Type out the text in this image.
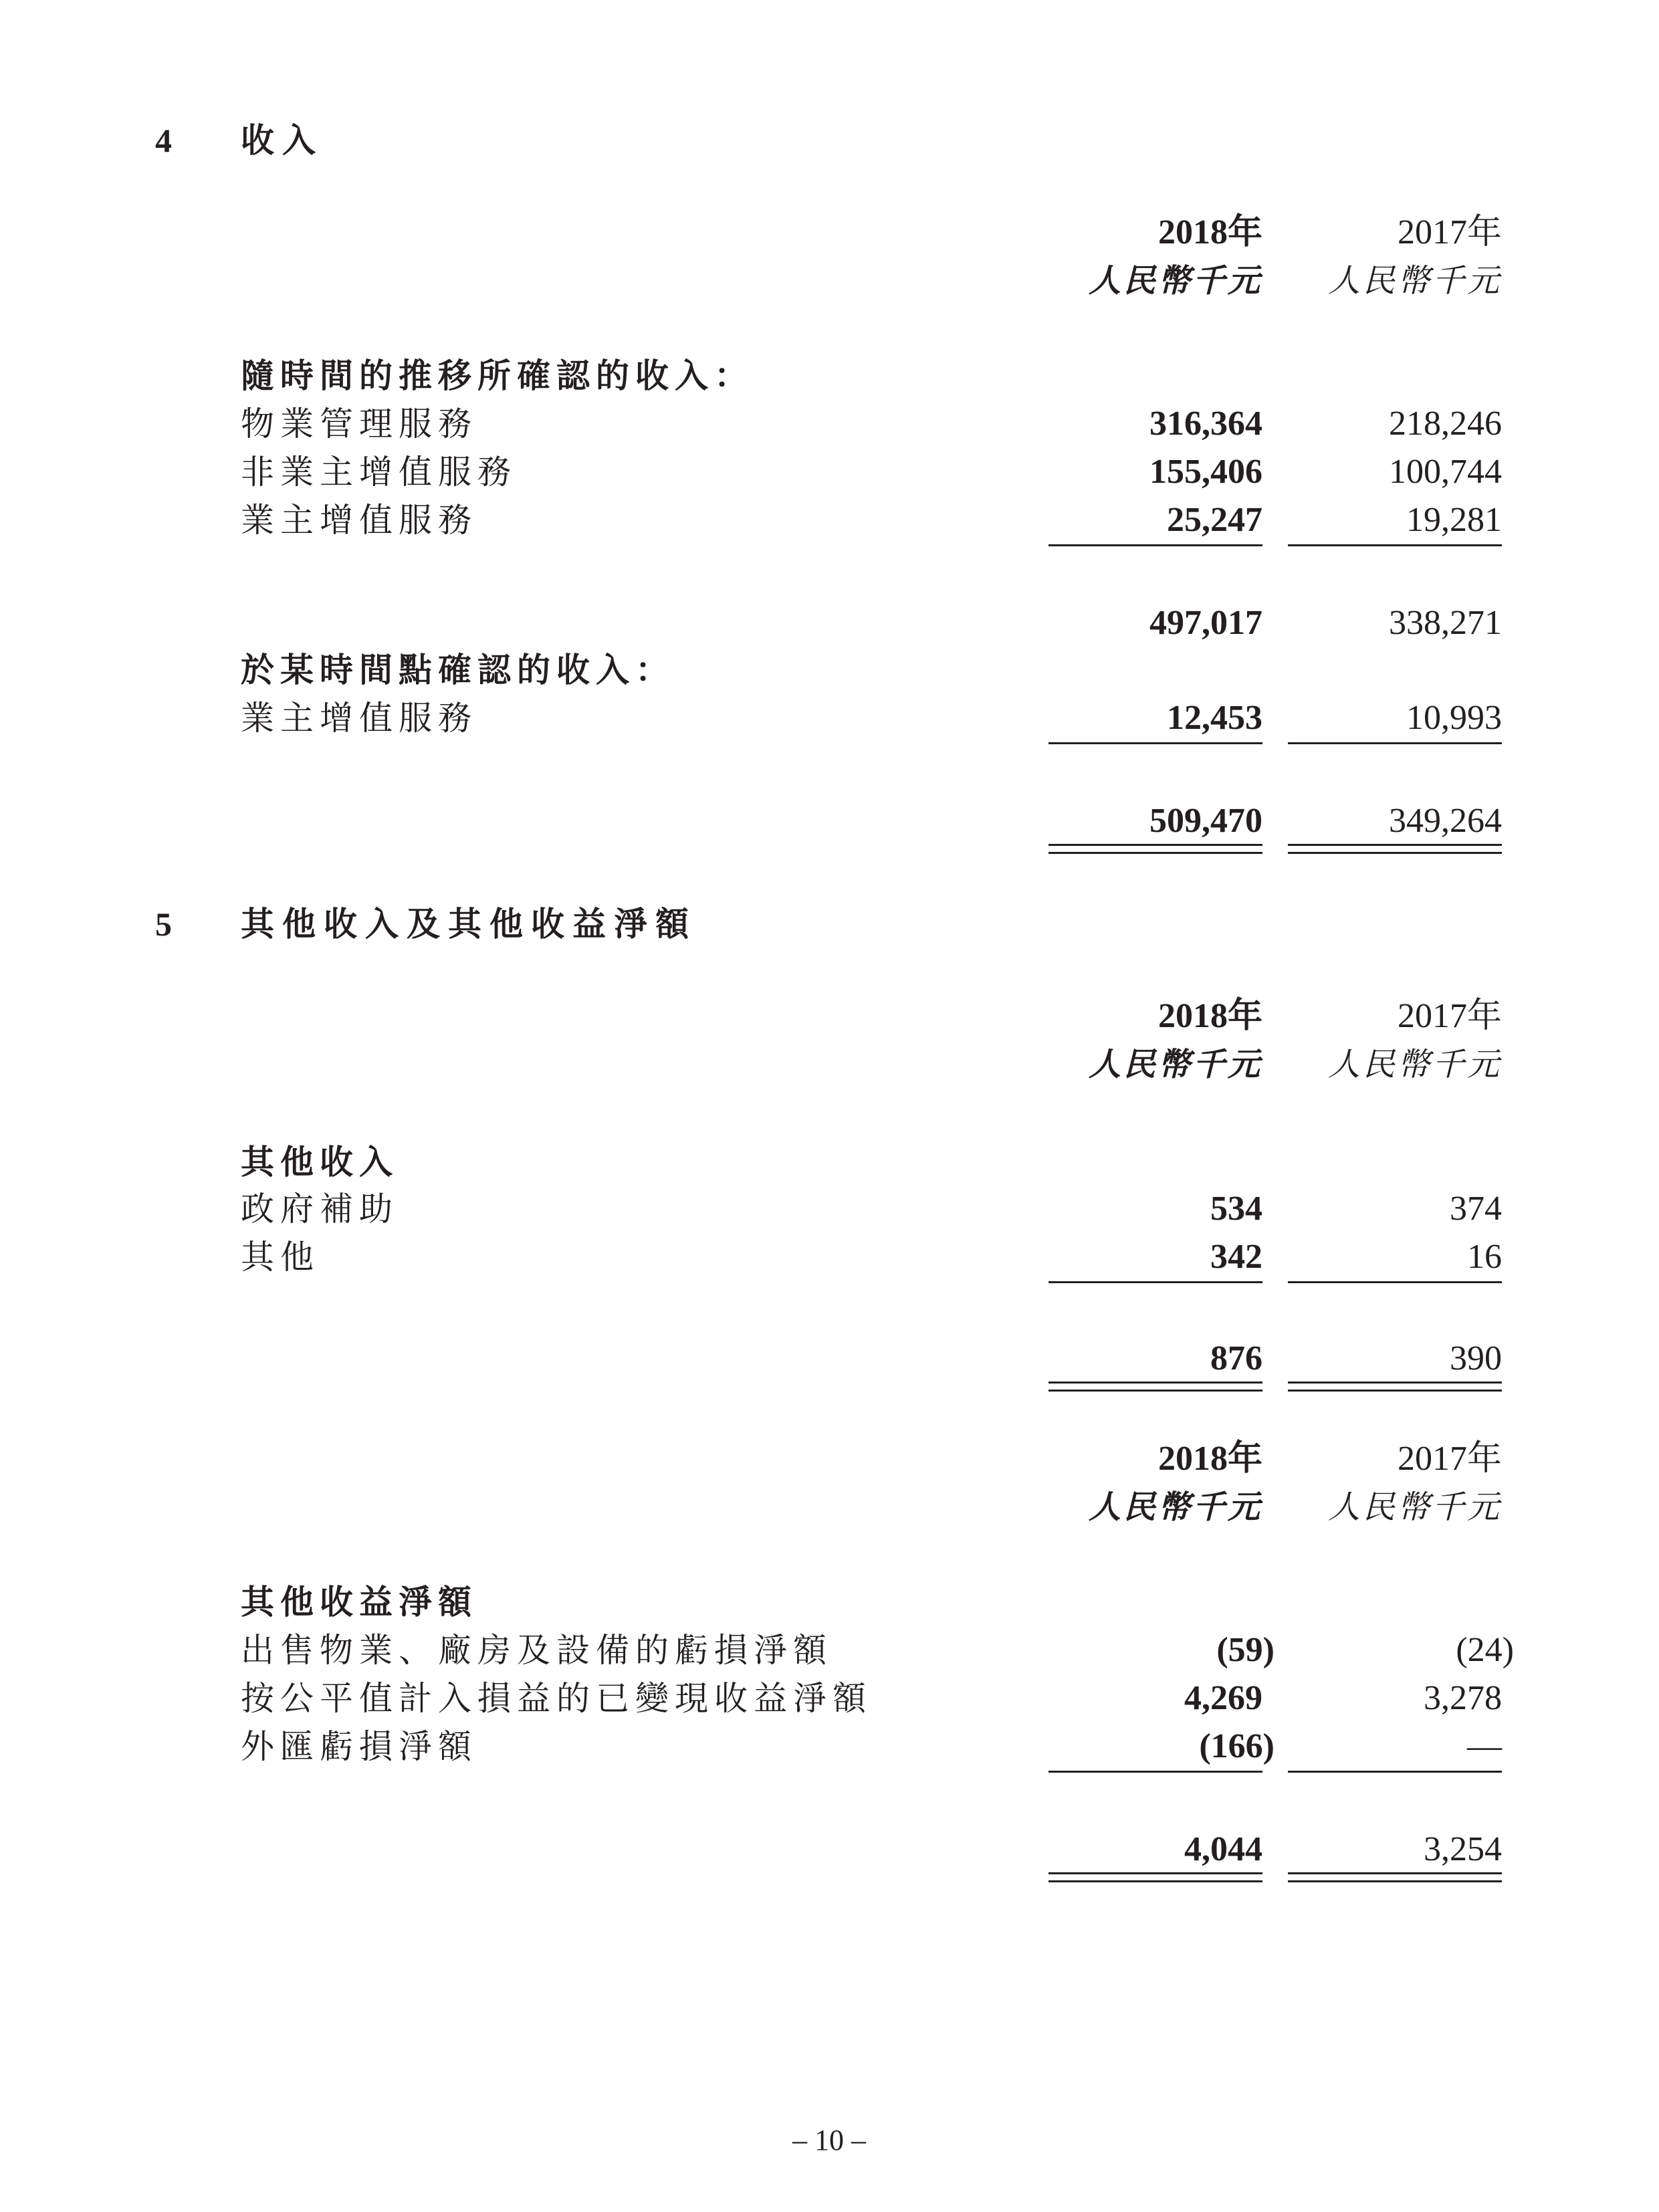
4 收入
2018年	2017年
人民幣千元	人民幣千元
隨時間的推移所確認的收入：
物業管理服務	316,364	218,246
非業主增值服務	155,406	100,744
業主增值服務	25,247	19,281
497,017	338,271
於某時間點確認的收入：
業主增值服務	12,453	10,993
509,470	349,264
5 其他收入及其他收益淨額
2018年	2017年
人民幣千元	人民幣千元
其他收入
政府補助	534	374
其他	342	16
876	390
2018年	2017年
人民幣千元	人民幣千元
其他收益淨額
出售物業、廠房及設備的虧損淨額	(59)	(24)
按公平值計入損益的已變現收益淨額	4,269	3,278
外匯虧損淨額	(166)	—
4,044	3,254
– 10 –
